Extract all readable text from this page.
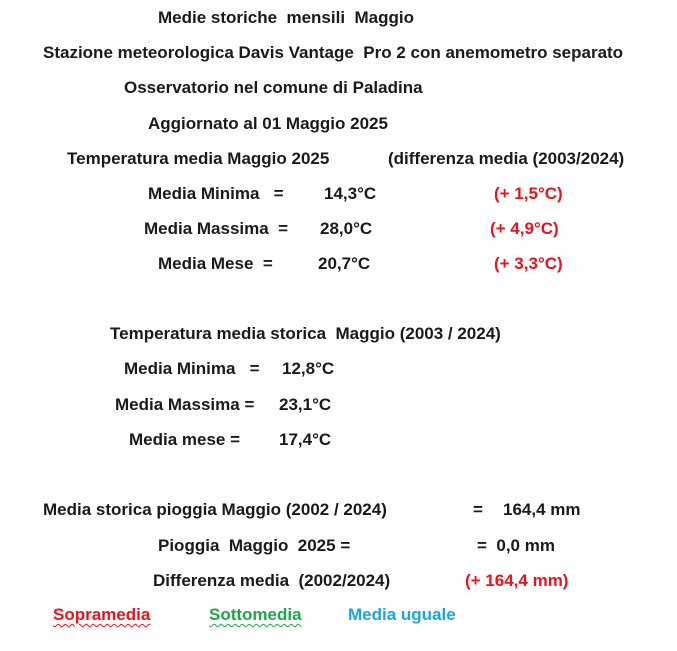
Medie storiche  mensili  Maggio
Stazione meteorologica Davis Vantage  Pro 2 con anemometro separato
Osservatorio nel comune di Paladina
Aggiornato al 01 Maggio 2025
Temperatura media Maggio 2025	(differenza media (2003/2024)
Media Minima   = 14,3°C	(+ 1,5°C)
Media Massima  = 28,0°C	(+ 4,9°C)
Media Mese  =	20,7°C	(+ 3,3°C)
Temperatura media storica  Maggio (2003 / 2024)
Media Minima   = 12,8°C
Media Massima = 23,1°C
Media mese = 17,4°C
Media storica pioggia Maggio (2002 / 2024)	= 164,4 mm
Pioggia  Maggio  2025 =	=  0,0 mm
Differenza media  (2002/2024)	(+ 164,4 mm)
Sopramedia	Sottomedia	Media uguale
